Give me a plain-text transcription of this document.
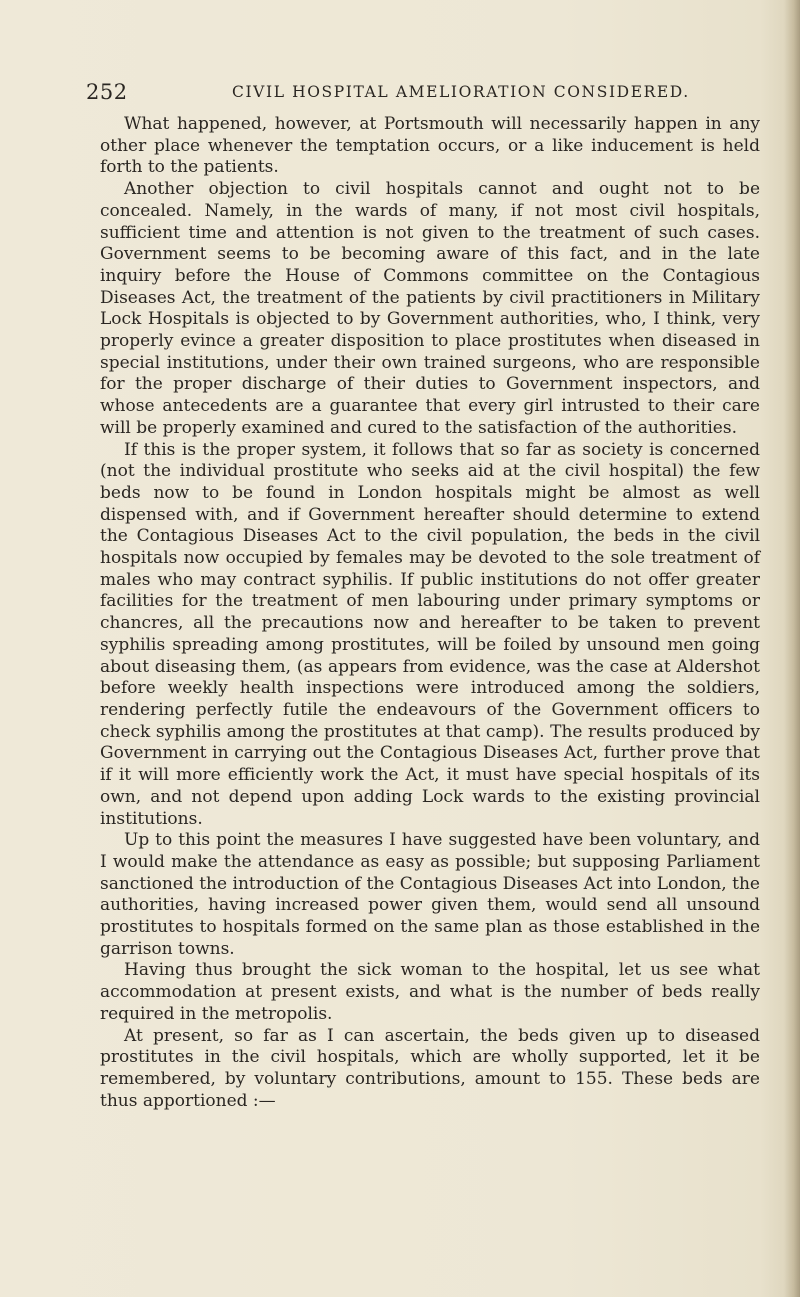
252	CIVIL HOSPITAL AMELIORATION CONSIDERED.

What happened, however, at Portsmouth will necessarily happen in any other place whenever the temptation occurs, or a like inducement is held forth to the patients.

Another objection to civil hospitals cannot and ought not to be concealed. Namely, in the wards of many, if not most civil hospitals, sufficient time and attention is not given to the treatment of such cases. Government seems to be becoming aware of this fact, and in the late inquiry before the House of Commons committee on the Contagious Diseases Act, the treatment of the patients by civil practitioners in Military Lock Hospitals is objected to by Government authorities, who, I think, very properly evince a greater disposition to place prostitutes when diseased in special institutions, under their own trained surgeons, who are responsible for the proper discharge of their duties to Government inspectors, and whose antecedents are a guarantee that every girl intrusted to their care will be properly examined and cured to the satisfaction of the authorities.

If this is the proper system, it follows that so far as society is concerned (not the individual prostitute who seeks aid at the civil hospital) the few beds now to be found in London hospitals might be almost as well dispensed with, and if Government hereafter should determine to extend the Contagious Diseases Act to the civil population, the beds in the civil hospitals now occupied by females may be devoted to the sole treatment of males who may contract syphilis. If public institutions do not offer greater facilities for the treatment of men labouring under primary symptoms or chancres, all the precautions now and hereafter to be taken to prevent syphilis spreading among prostitutes, will be foiled by unsound men going about diseasing them, (as appears from evidence, was the case at Aldershot before weekly health inspections were introduced among the soldiers, rendering perfectly futile the endeavours of the Government officers to check syphilis among the prostitutes at that camp). The results produced by Government in carrying out the Contagious Diseases Act, further prove that if it will more efficiently work the Act, it must have special hospitals of its own, and not depend upon adding Lock wards to the existing provincial institutions.

Up to this point the measures I have suggested have been voluntary, and I would make the attendance as easy as possible; but supposing Parliament sanctioned the introduction of the Contagious Diseases Act into London, the authorities, having increased power given them, would send all unsound prostitutes to hospitals formed on the same plan as those established in the garrison towns.

Having thus brought the sick woman to the hospital, let us see what accommodation at present exists, and what is the number of beds really required in the metropolis.

At present, so far as I can ascertain, the beds given up to diseased prostitutes in the civil hospitals, which are wholly supported, let it be remembered, by voluntary contributions, amount to 155. These beds are thus apportioned :—
